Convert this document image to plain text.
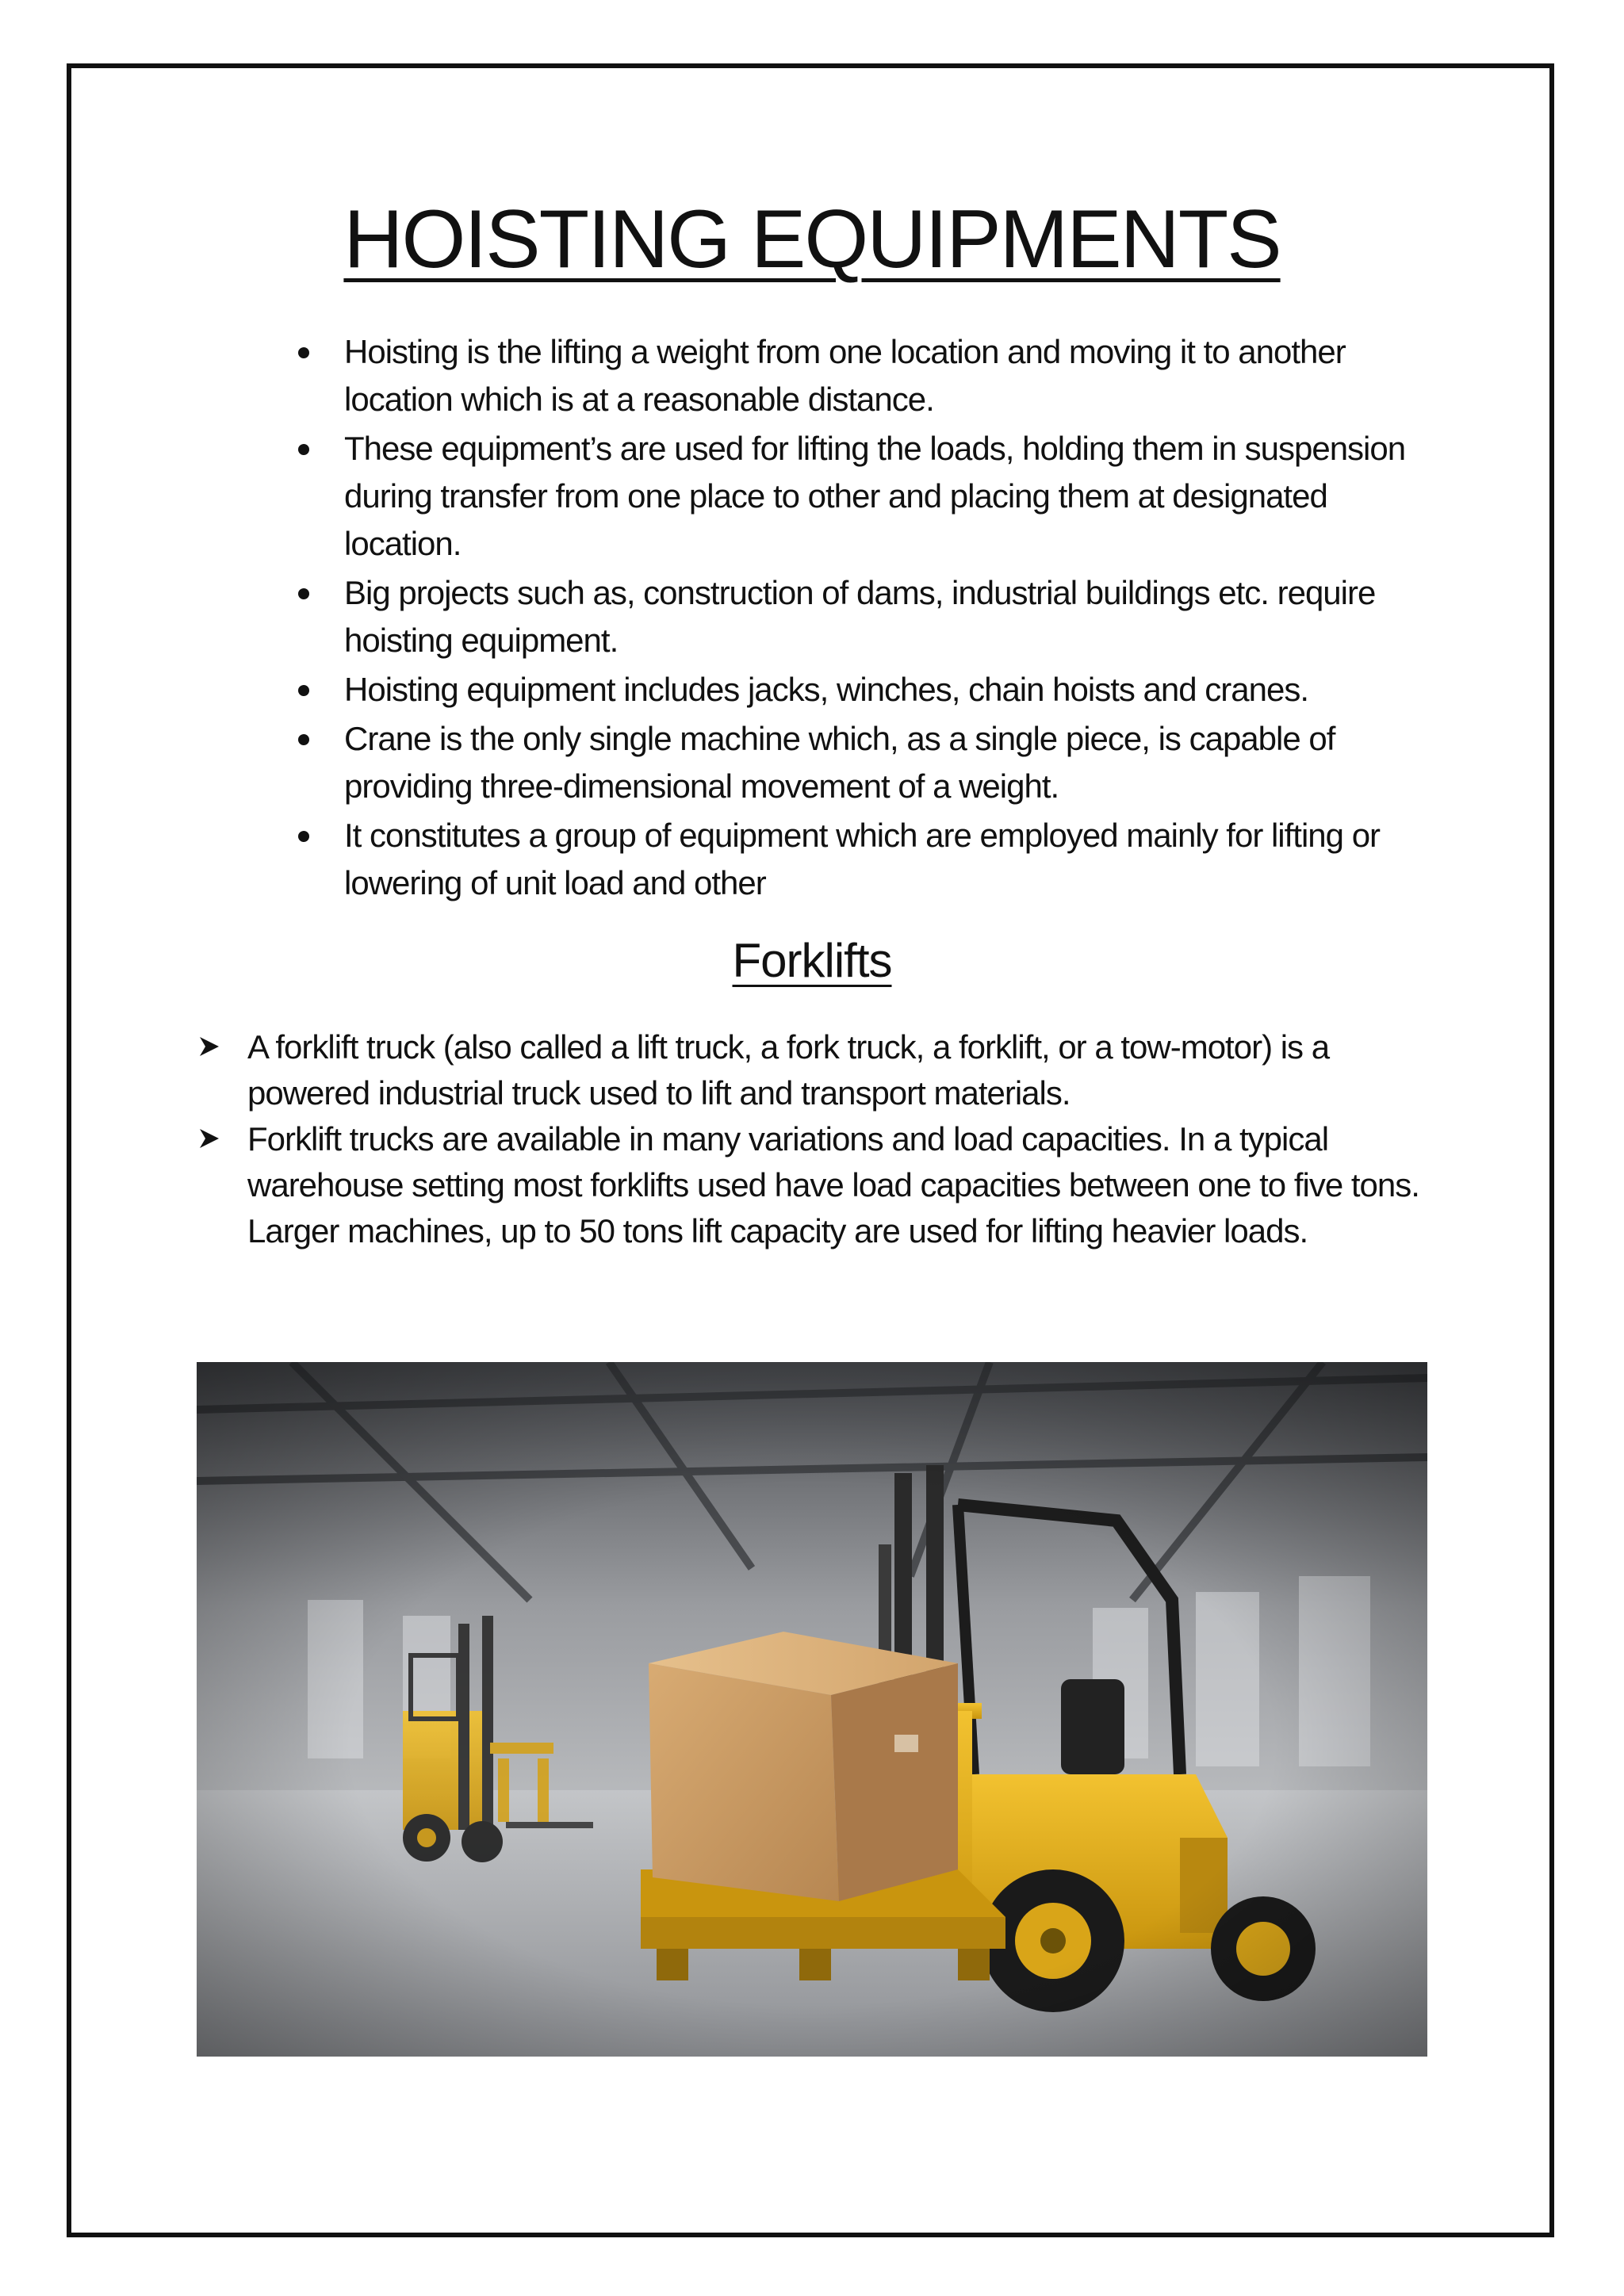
HOISTING EQUIPMENTS
Hoisting is the lifting a weight from one location and moving it to another location which is at a reasonable distance.
These equipment’s are used for lifting the loads, holding them in suspension during transfer from one place to other and placing them at designated location.
Big projects such as, construction of dams, industrial buildings etc. require hoisting equipment.
Hoisting equipment includes jacks, winches, chain hoists and cranes.
Crane is the only single machine which, as a single piece, is capable of providing three-dimensional movement of a weight.
It constitutes a group of equipment which are employed mainly for lifting or lowering of unit load and other
Forklifts
A forklift truck (also called a lift truck, a fork truck, a forklift, or a tow-motor) is a powered industrial truck used to lift and transport materials.
Forklift trucks are available in many variations and load capacities. In a typical warehouse setting most forklifts used have load capacities between one to five tons. Larger machines, up to 50 tons lift capacity are used for lifting heavier loads.
